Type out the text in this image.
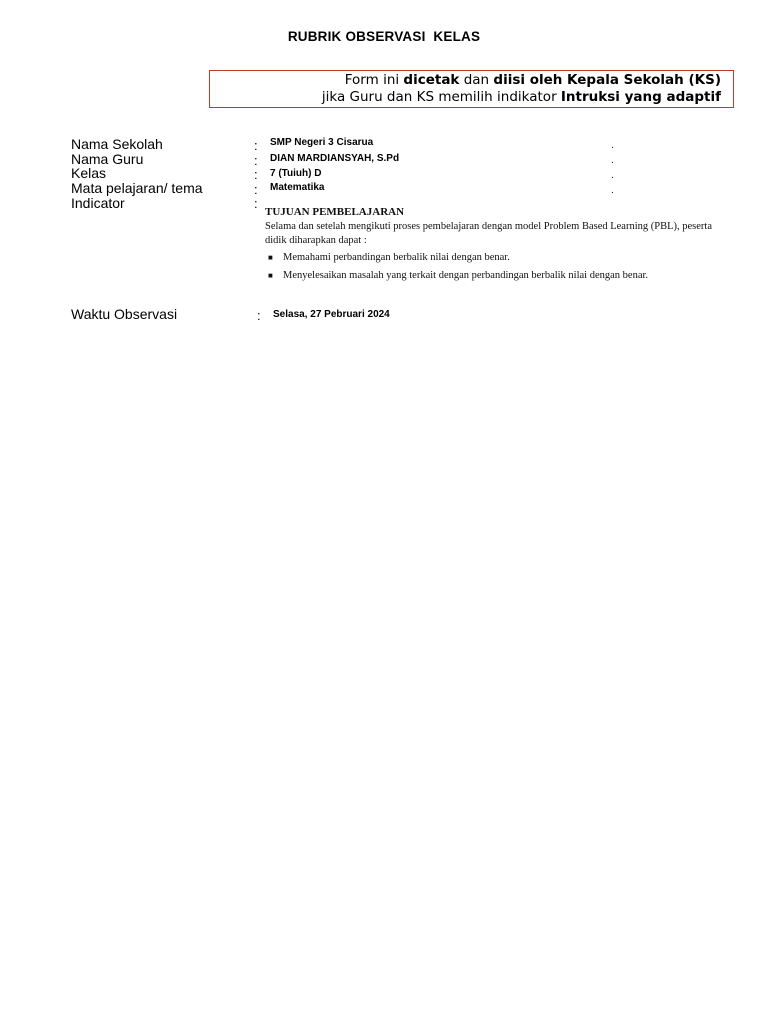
RUBRIK OBSERVASI  KELAS
Form ini dicetak dan diisi oleh Kepala Sekolah (KS)
jika Guru dan KS memilih indikator Intruksi yang adaptif
Nama Sekolah	: SMP Negeri 3 Cisarua	.
Nama Guru	: DIAN MARDIANSYAH, S.Pd	.
Kelas	: 7 (Tuiuh) D	.
Mata pelajaran/ tema	: Matematika	.
Indicator	:
TUJUAN PEMBELAJARAN
Selama dan setelah mengikuti proses pembelajaran dengan model Problem Based Learning (PBL), peserta didik diharapkan dapat :
■ Memahami perbandingan berbalik nilai dengan benar.
■ Menyelesaikan masalah yang terkait dengan perbandingan berbalik nilai dengan benar.
Waktu Observasi	: Selasa, 27 Pebruari 2024
